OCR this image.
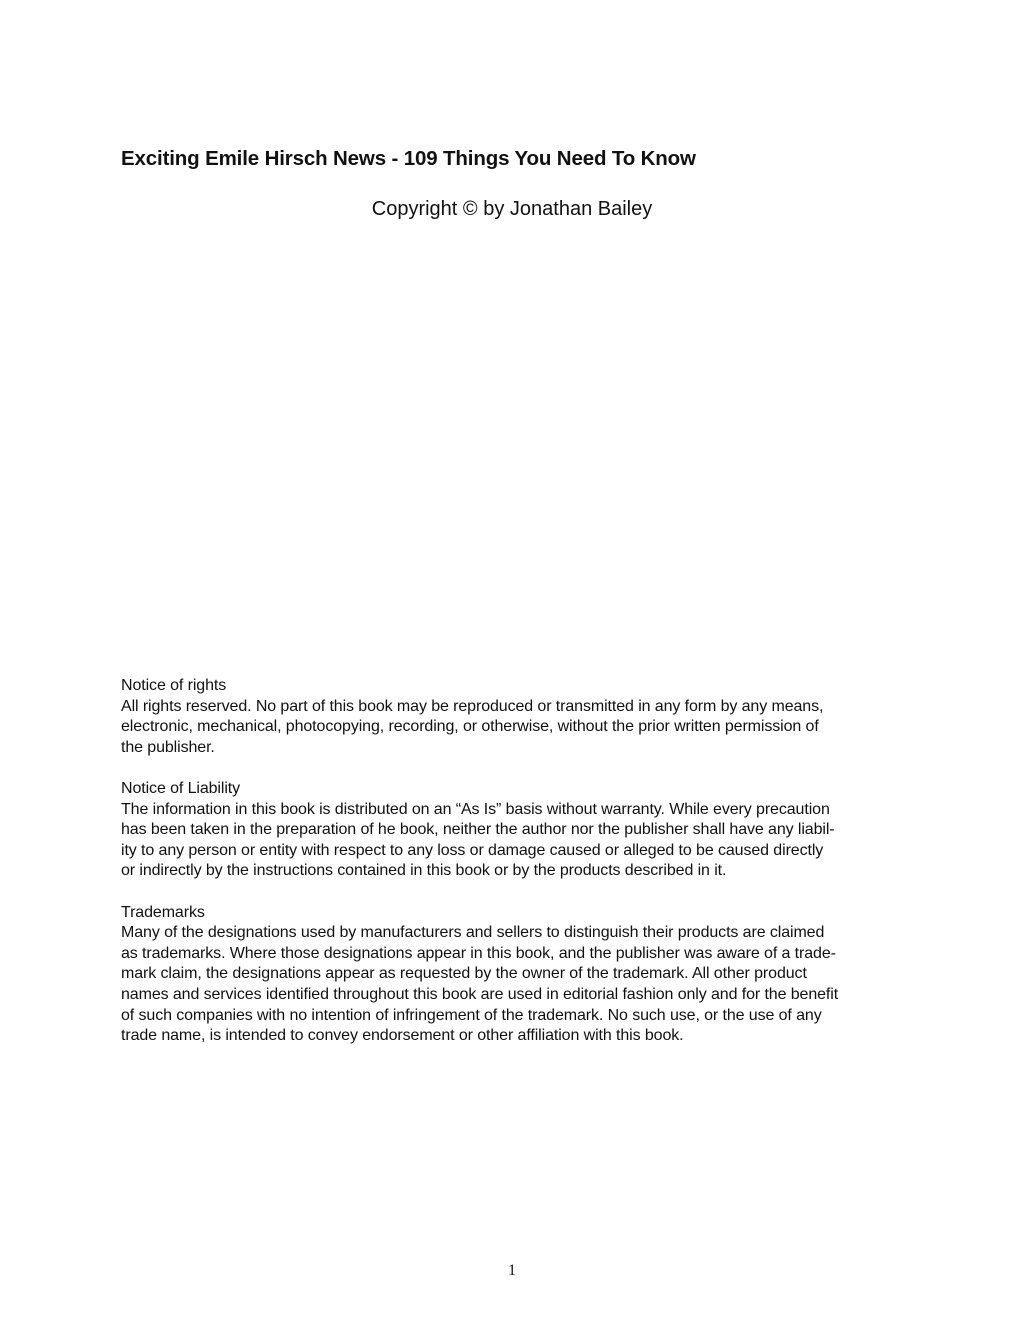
Exciting Emile Hirsch News - 109 Things You Need To Know

Copyright © by Jonathan Bailey

Notice of rights
All rights reserved. No part of this book may be reproduced or transmitted in any form by any means,
electronic, mechanical, photocopying, recording, or otherwise, without the prior written permission of
the publisher.
Notice of Liability
The information in this book is distributed on an “As Is” basis without warranty. While every precaution
has been taken in the preparation of he book, neither the author nor the publisher shall have any liabil-
ity to any person or entity with respect to any loss or damage caused or alleged to be caused directly
or indirectly by the instructions contained in this book or by the products described in it.
Trademarks
Many of the designations used by manufacturers and sellers to distinguish their products are claimed
as trademarks. Where those designations appear in this book, and the publisher was aware of a trade-
mark claim, the designations appear as requested by the owner of the trademark. All other product
names and services identified throughout this book are used in editorial fashion only and for the benefit
of such companies with no intention of infringement of the trademark. No such use, or the use of any
trade name, is intended to convey endorsement or other affiliation with this book.
1
